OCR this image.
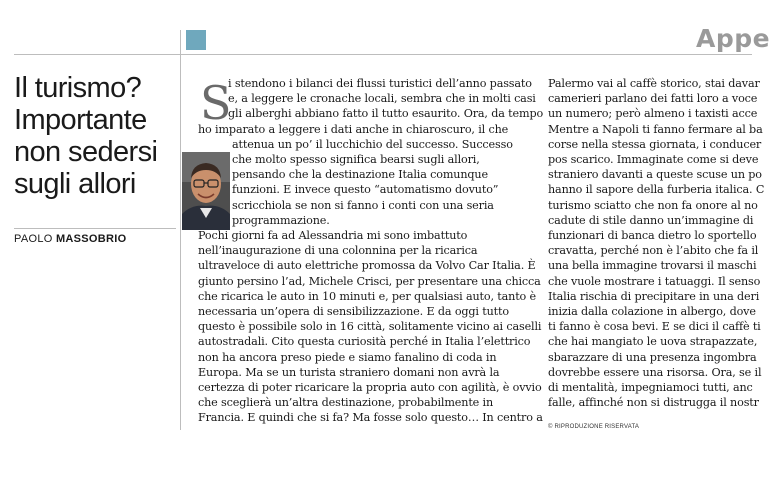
Appe
Il turismo?
Importante
non sedersi
sugli allori
PAOLO MASSOBRIO
S
i stendono i bilanci dei flussi turistici dell’anno passato
e, a leggere le cronache locali, sembra che in molti casi
gli alberghi abbiano fatto il tutto esaurito. Ora, da tempo
ho imparato a leggere i dati anche in chiaroscuro, il che
attenua un po’ il lucchichio del successo. Successo
che molto spesso significa bearsi sugli allori,
pensando che la destinazione Italia comunque
funzioni. E invece questo “automatismo dovuto”
scricchiola se non si fanno i conti con una seria
programmazione.
Pochi giorni fa ad Alessandria mi sono imbattuto
nell’inaugurazione di una colonnina per la ricarica
ultraveloce di auto elettriche promossa da Volvo Car Italia. È
giunto persino l’ad, Michele Crisci, per presentare una chicca
che ricarica le auto in 10 minuti e, per qualsiasi auto, tanto è
necessaria un’opera di sensibilizzazione. E da oggi tutto
questo è possibile solo in 16 città, solitamente vicino ai caselli
autostradali. Cito questa curiosità perché in Italia l’elettrico
non ha ancora preso piede e siamo fanalino di coda in
Europa. Ma se un turista straniero domani non avrà la
certezza di poter ricaricare la propria auto con agilità, è ovvio
che sceglierà un’altra destinazione, probabilmente in
Francia. E quindi che si fa? Ma fosse solo questo… In centro a
Palermo vai al caffè storico, stai davar
camerieri parlano dei fatti loro a voce
un numero; però almeno i taxisti acce
Mentre a Napoli ti fanno fermare al ba
corse nella stessa giornata, i conducer
pos scarico. Immaginate come si deve
straniero davanti a queste scuse un po
hanno il sapore della furberia italica. C
turismo sciatto che non fa onore al no
cadute di stile danno un’immagine di
funzionari di banca dietro lo sportello
cravatta, perché non è l’abito che fa il
una bella immagine trovarsi il maschi
che vuole mostrare i tatuaggi. Il senso
Italia rischia di precipitare in una deri
inizia dalla colazione in albergo, dove
ti fanno è cosa bevi. E se dici il caffè ti
che hai mangiato le uova strapazzate,
sbarazzare di una presenza ingombra
dovrebbe essere una risorsa. Ora, se il
di mentalità, impegniamoci tutti, anc
falle, affinché non si distrugga il nostr
© RIPRODUZIONE RISERVATA
